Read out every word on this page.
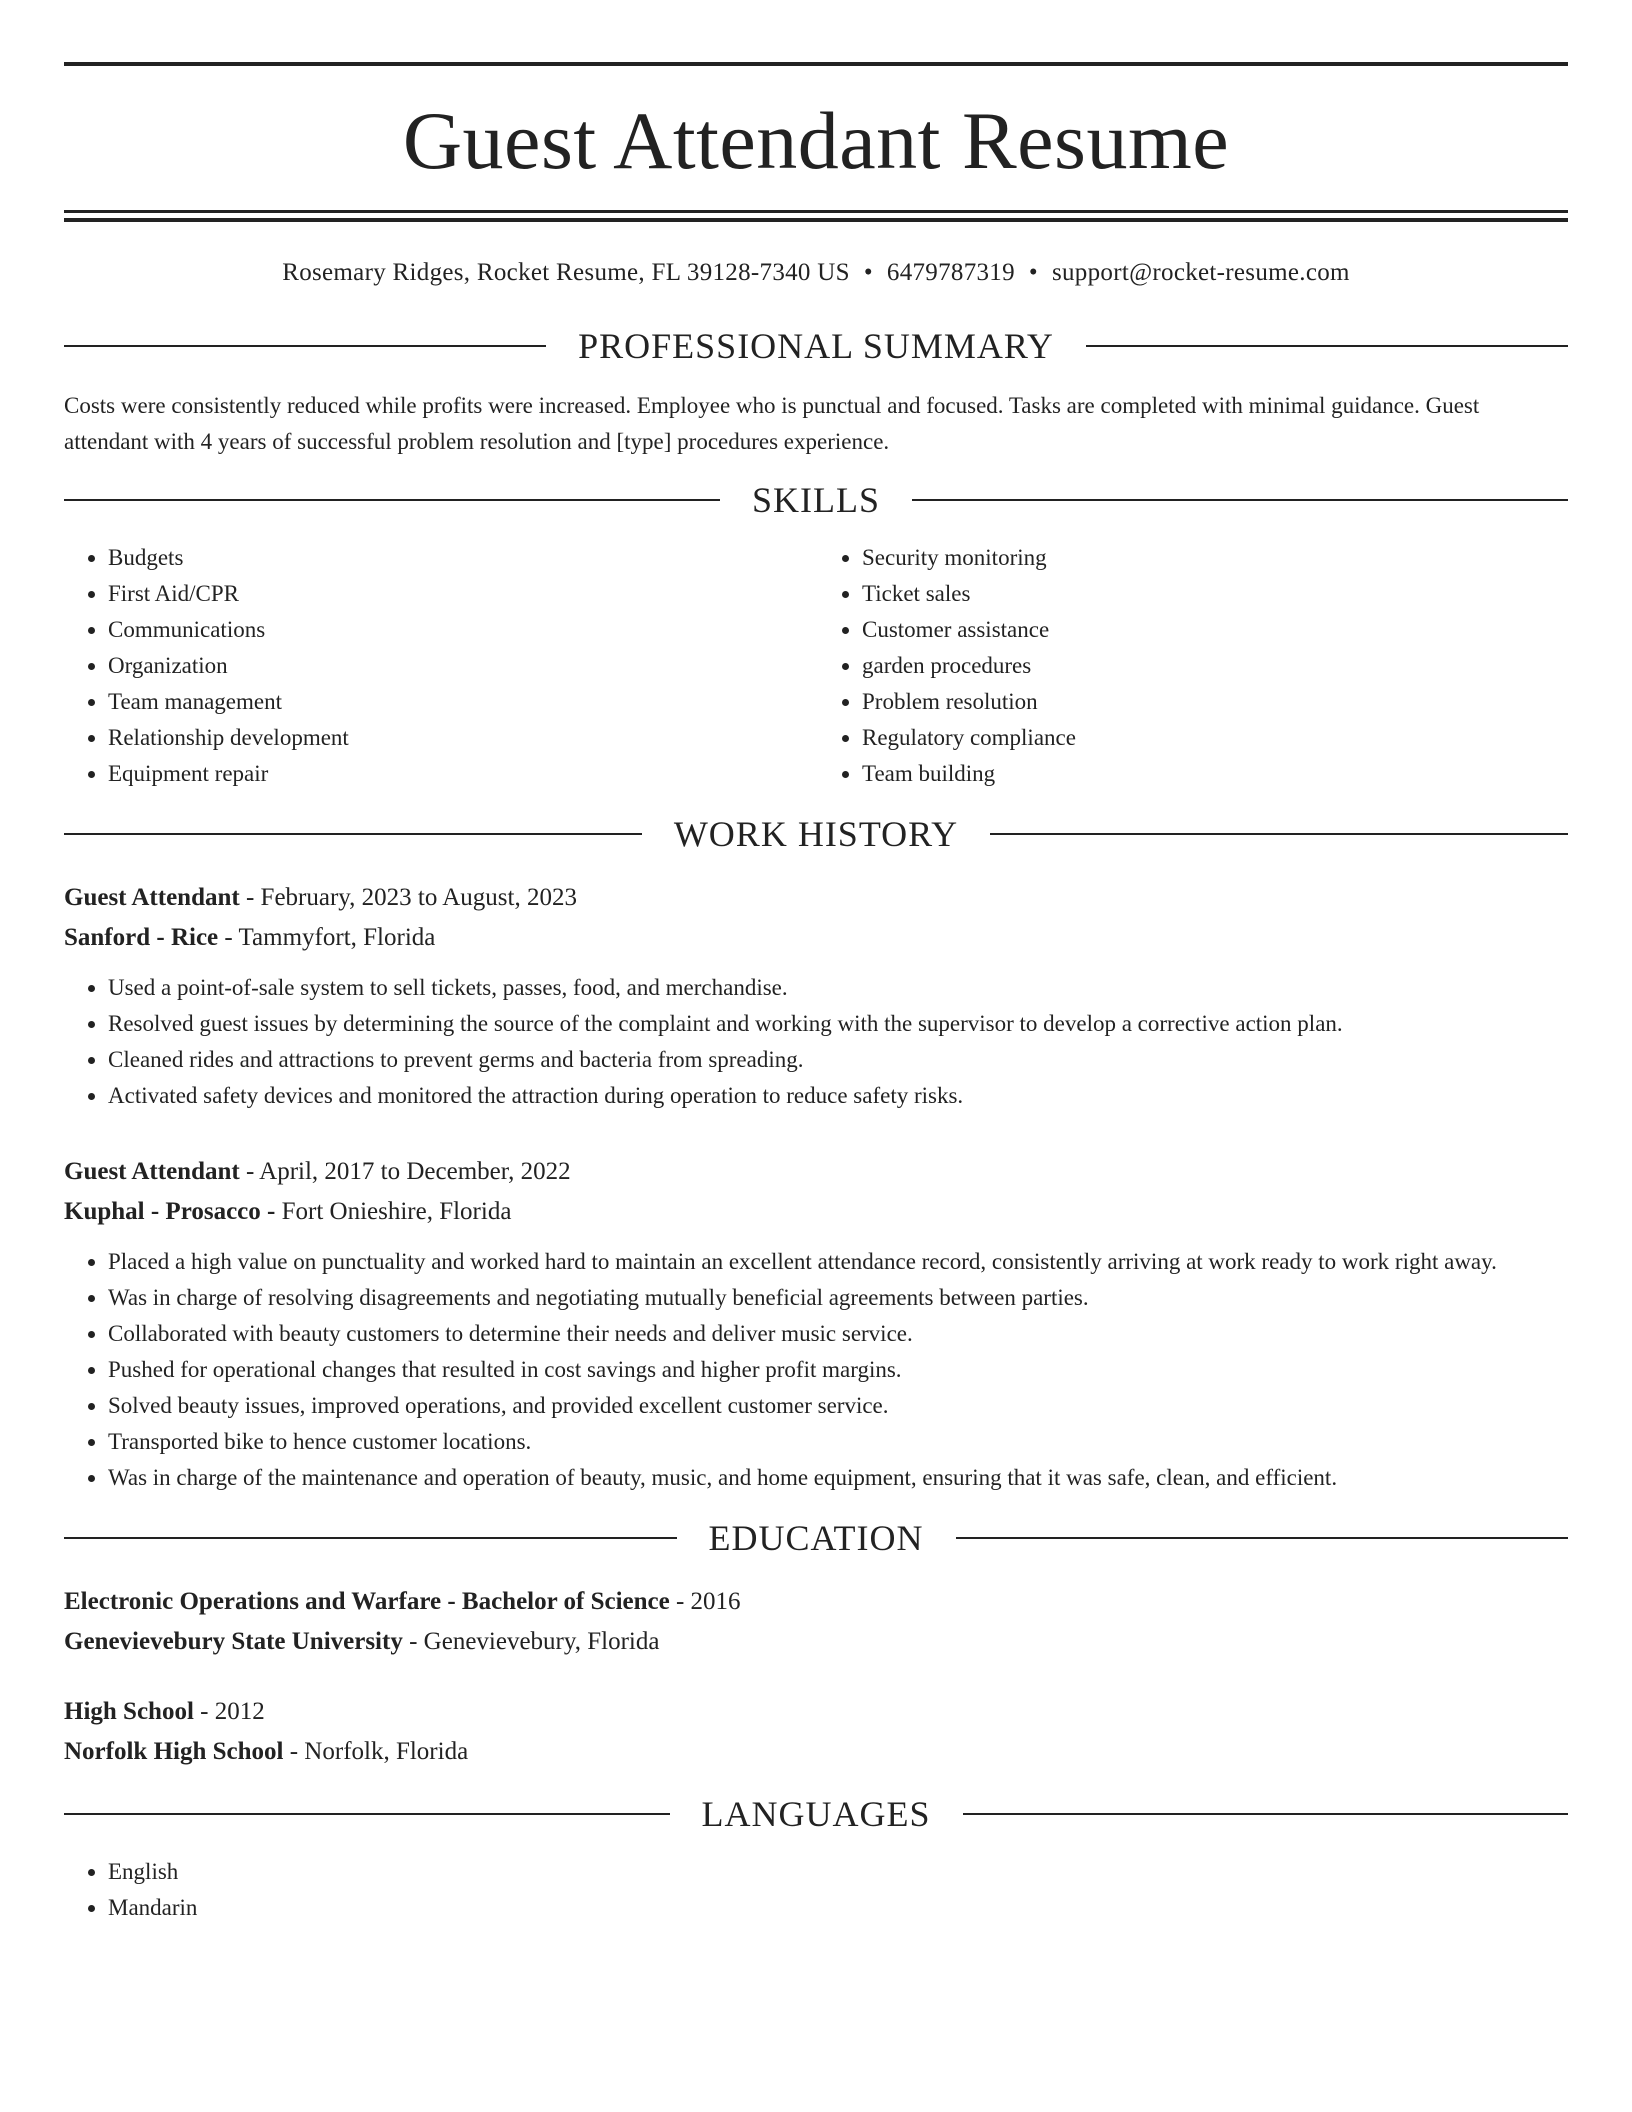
Guest Attendant Resume
Rosemary Ridges, Rocket Resume, FL 39128-7340 US • 6479787319 • support@rocket-resume.com
PROFESSIONAL SUMMARY

Costs were consistently reduced while profits were increased. Employee who is punctual and focused. Tasks are completed with minimal guidance. Guest attendant with 4 years of successful problem resolution and [type] procedures experience.

SKILLS
• Budgets
• First Aid/CPR
• Communications
• Organization
• Team management
• Relationship development
• Equipment repair
• Security monitoring
• Ticket sales
• Customer assistance
• garden procedures
• Problem resolution
• Regulatory compliance
• Team building
WORK HISTORY
Guest Attendant - February, 2023 to August, 2023
Sanford - Rice - Tammyfort, Florida
• Used a point-of-sale system to sell tickets, passes, food, and merchandise.
• Resolved guest issues by determining the source of the complaint and working with the supervisor to develop a corrective action plan.
• Cleaned rides and attractions to prevent germs and bacteria from spreading.
• Activated safety devices and monitored the attraction during operation to reduce safety risks.
Guest Attendant - April, 2017 to December, 2022
Kuphal - Prosacco - Fort Onieshire, Florida
• Placed a high value on punctuality and worked hard to maintain an excellent attendance record, consistently arriving at work ready to work right away.
• Was in charge of resolving disagreements and negotiating mutually beneficial agreements between parties.
• Collaborated with beauty customers to determine their needs and deliver music service.
• Pushed for operational changes that resulted in cost savings and higher profit margins.
• Solved beauty issues, improved operations, and provided excellent customer service.
• Transported bike to hence customer locations.
• Was in charge of the maintenance and operation of beauty, music, and home equipment, ensuring that it was safe, clean, and efficient.
EDUCATION
Electronic Operations and Warfare - Bachelor of Science - 2016
Genevievebury State University - Genevievebury, Florida
High School - 2012
Norfolk High School - Norfolk, Florida
LANGUAGES
• English
• Mandarin
